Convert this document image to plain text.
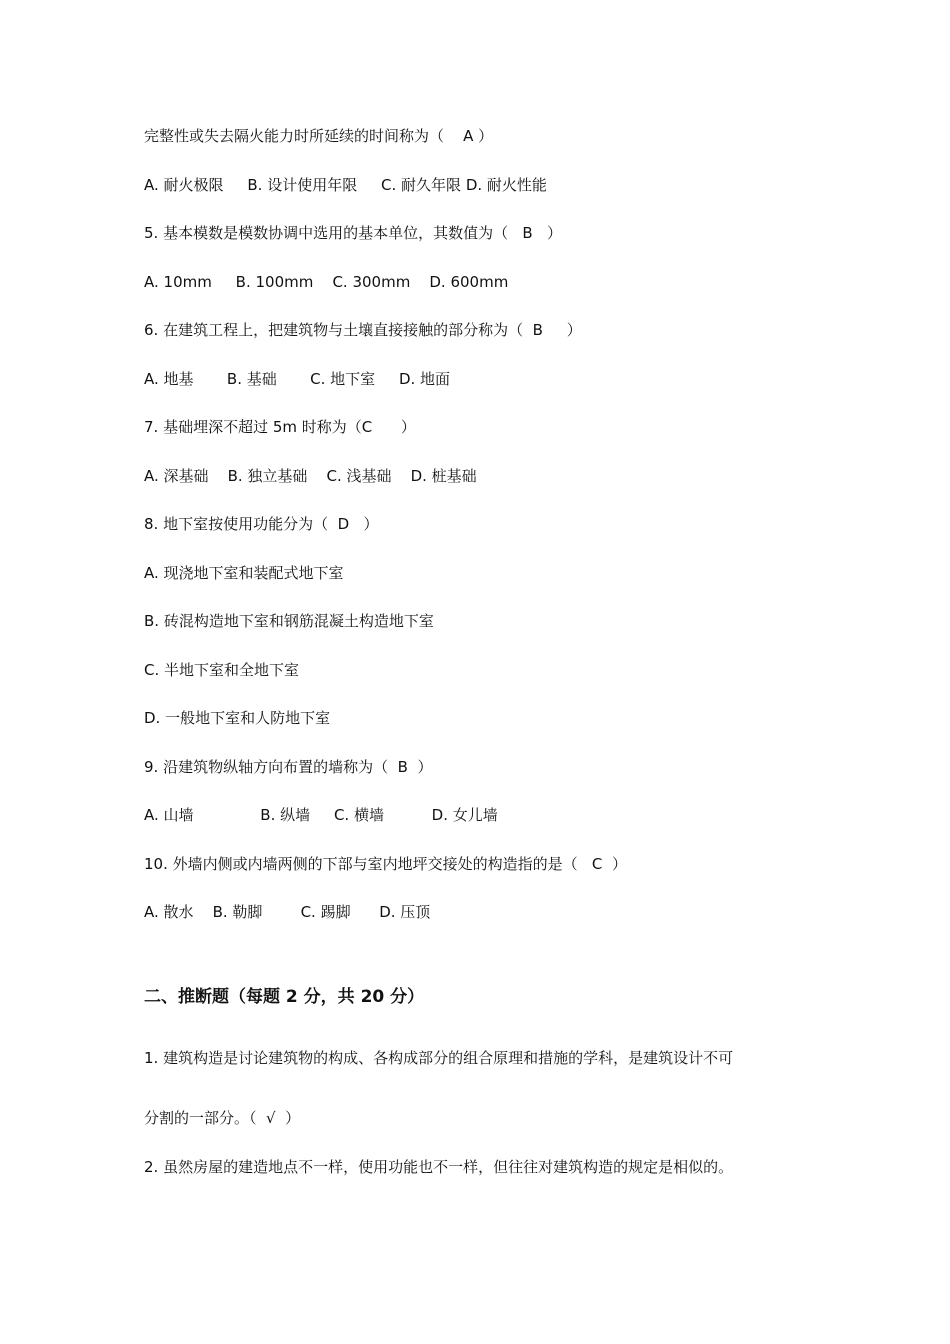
完整性或失去隔火能力时所延续的时间称为（    A ）

A. 耐火极限     B. 设计使用年限     C. 耐久年限 D. 耐火性能

5. 基本模数是模数协调中选用的基本单位，其数值为（   B   ）

A. 10mm     B. 100mm    C. 300mm    D. 600mm

6. 在建筑工程上，把建筑物与土壤直接接触的部分称为（  B     ）

A. 地基       B. 基础       C. 地下室     D. 地面

7. 基础埋深不超过 5m 时称为（C      ）

A. 深基础    B. 独立基础    C. 浅基础    D. 桩基础

8. 地下室按使用功能分为（  D   ）

A. 现浇地下室和装配式地下室

B. 砖混构造地下室和钢筋混凝土构造地下室

C. 半地下室和全地下室

D. 一般地下室和人防地下室

9. 沿建筑物纵轴方向布置的墙称为（  B  ）

A. 山墙              B. 纵墙     C. 横墙          D. 女儿墙

10. 外墙内侧或内墙两侧的下部与室内地坪交接处的构造指的是（   C  ）

A. 散水    B. 勒脚        C. 踢脚      D. 压顶

二、推断题（每题 2 分，共 20 分）

1. 建筑构造是讨论建筑物的构成、各构成部分的组合原理和措施的学科，是建筑设计不可

分割的一部分。（  √  ）

2. 虽然房屋的建造地点不一样，使用功能也不一样，但往往对建筑构造的规定是相似的。
